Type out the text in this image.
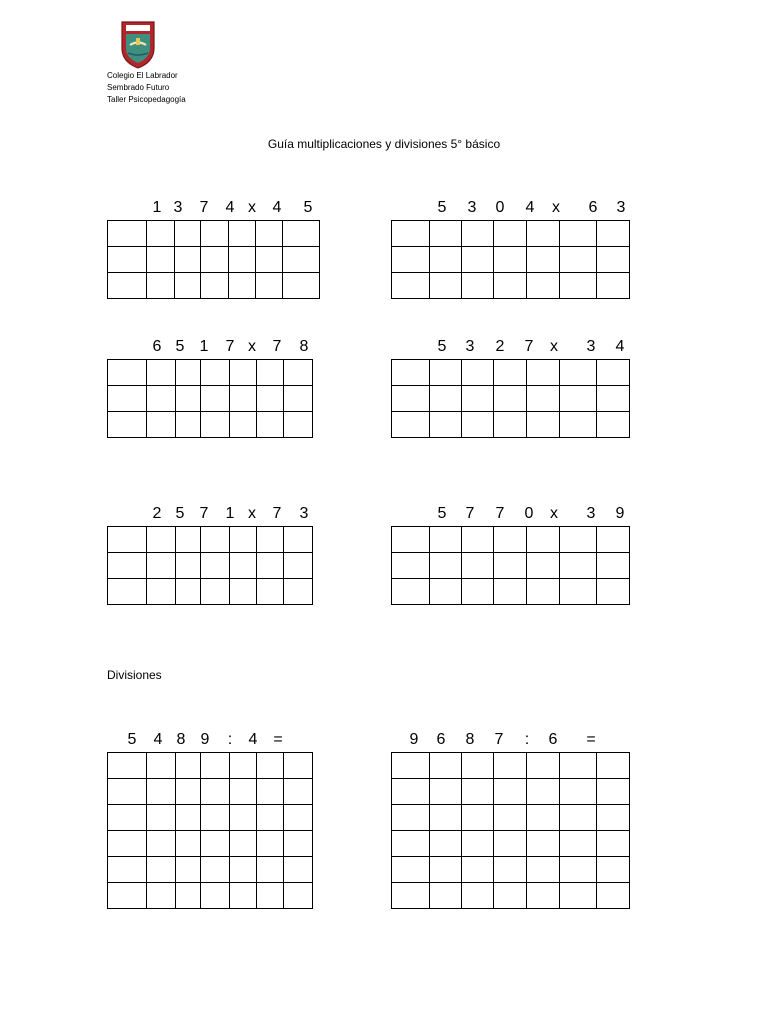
Colegio El Labrador
Sembrado Futuro
Taller Psicopedagogía
Guía multiplicaciones y divisiones 5° básico
1 3 7 4 x 4 5

							5 3 0 4 x 6 3

6 5 1 7 x 7 8

							5 3 2 7 x 3 4

2 5 7 1 x 7 3

							5 7 7 0 x 3 9

Divisiones
5 4 8 9 : 4 =

							9 6 8 7 : 6 =
